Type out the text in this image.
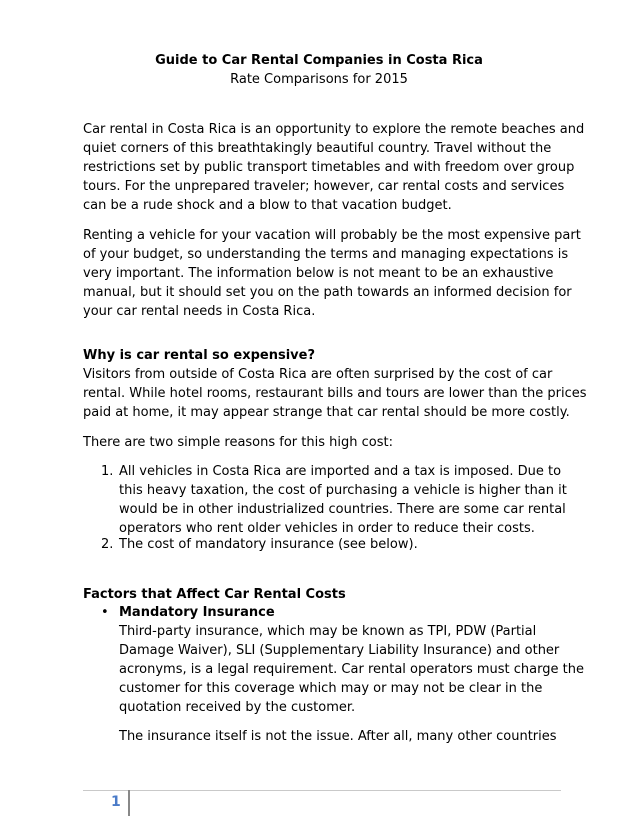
Guide to Car Rental Companies in Costa Rica
Rate Comparisons for 2015
Car rental in Costa Rica is an opportunity to explore the remote beaches and
quiet corners of this breathtakingly beautiful country. Travel without the
restrictions set by public transport timetables and with freedom over group
tours. For the unprepared traveler; however, car rental costs and services
can be a rude shock and a blow to that vacation budget.
Renting a vehicle for your vacation will probably be the most expensive part
of your budget, so understanding the terms and managing expectations is
very important. The information below is not meant to be an exhaustive
manual, but it should set you on the path towards an informed decision for
your car rental needs in Costa Rica.
Why is car rental so expensive?
Visitors from outside of Costa Rica are often surprised by the cost of car
rental. While hotel rooms, restaurant bills and tours are lower than the prices
paid at home, it may appear strange that car rental should be more costly.
There are two simple reasons for this high cost:
1. All vehicles in Costa Rica are imported and a tax is imposed. Due to
this heavy taxation, the cost of purchasing a vehicle is higher than it
would be in other industrialized countries. There are some car rental
operators who rent older vehicles in order to reduce their costs.
2. The cost of mandatory insurance (see below).
Factors that Affect Car Rental Costs
• Mandatory Insurance
Third-party insurance, which may be known as TPI, PDW (Partial
Damage Waiver), SLI (Supplementary Liability Insurance) and other
acronyms, is a legal requirement. Car rental operators must charge the
customer for this coverage which may or may not be clear in the
quotation received by the customer.
The insurance itself is not the issue. After all, many other countries
1
